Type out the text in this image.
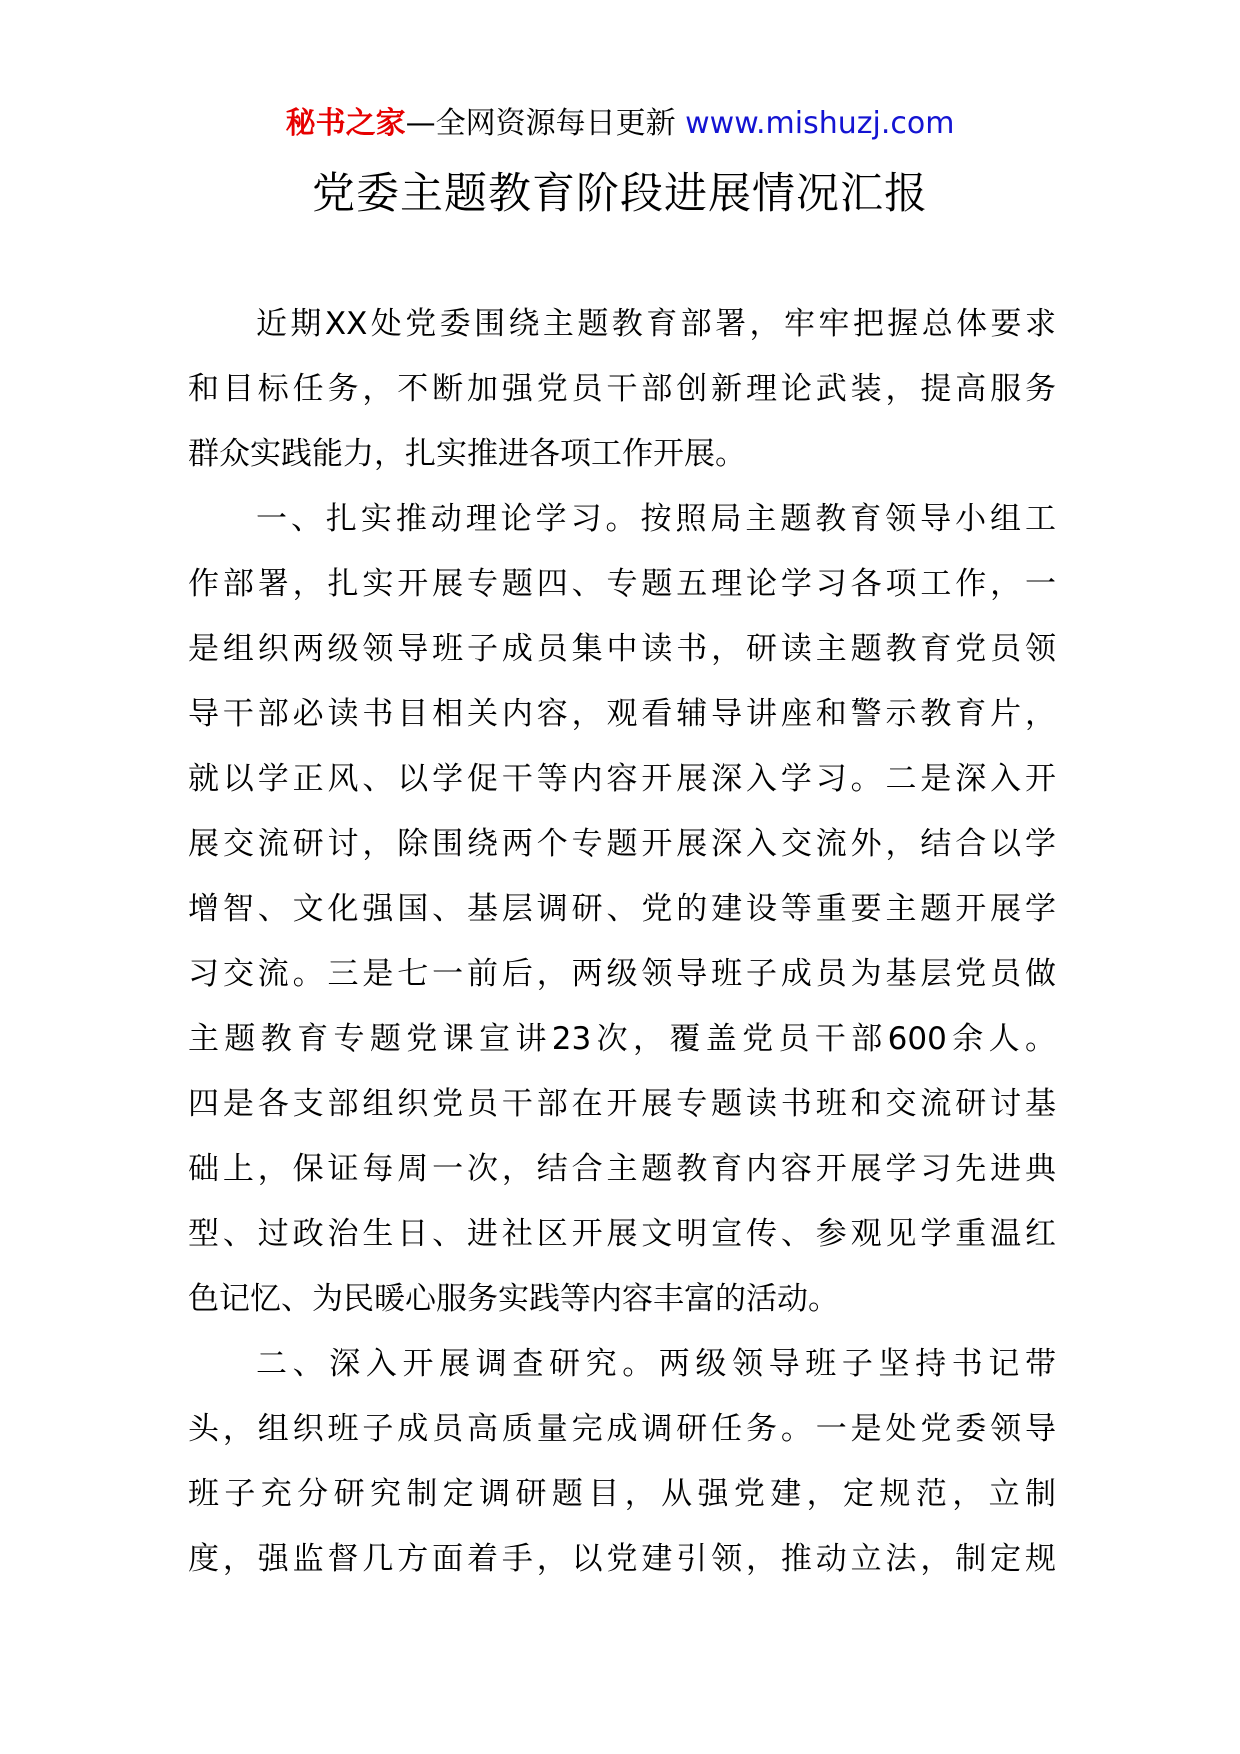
秘书之家—全网资源每日更新 www.mishuzj.com
党委主题教育阶段进展情况汇报
近期XX处党委围绕主题教育部署，牢牢把握总体要求
和目标任务，不断加强党员干部创新理论武装，提高服务
群众实践能力，扎实推进各项工作开展。
一、扎实推动理论学习。按照局主题教育领导小组工
作部署，扎实开展专题四、专题五理论学习各项工作，一
是组织两级领导班子成员集中读书，研读主题教育党员领
导干部必读书目相关内容，观看辅导讲座和警示教育片，
就以学正风、以学促干等内容开展深入学习。二是深入开
展交流研讨，除围绕两个专题开展深入交流外，结合以学
增智、文化强国、基层调研、党的建设等重要主题开展学
习交流。三是七一前后，两级领导班子成员为基层党员做
主题教育专题党课宣讲23次，覆盖党员干部600余人。
四是各支部组织党员干部在开展专题读书班和交流研讨基
础上，保证每周一次，结合主题教育内容开展学习先进典
型、过政治生日、进社区开展文明宣传、参观见学重温红
色记忆、为民暖心服务实践等内容丰富的活动。
二、深入开展调查研究。两级领导班子坚持书记带
头，组织班子成员高质量完成调研任务。一是处党委领导
班子充分研究制定调研题目，从强党建，定规范，立制
度，强监督几方面着手，以党建引领，推动立法，制定规
